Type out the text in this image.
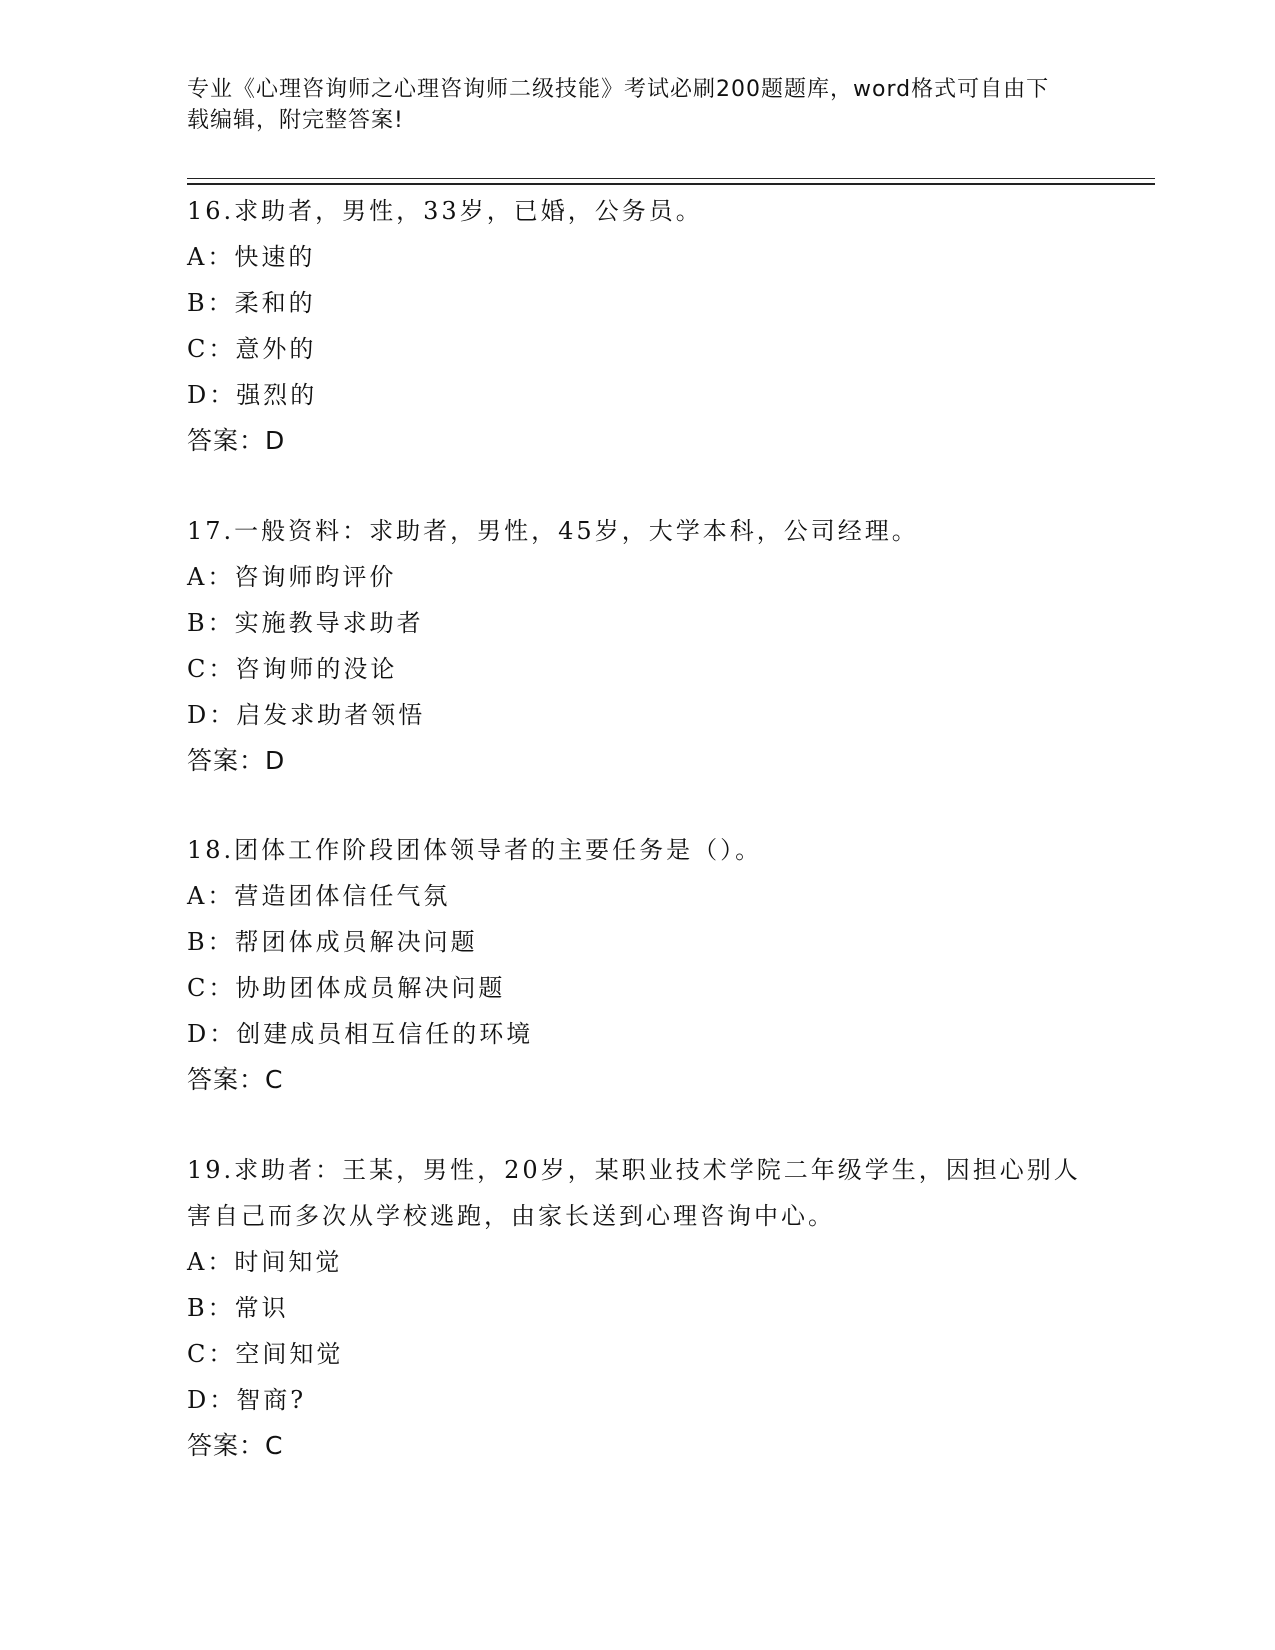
专业《心理咨询师之心理咨询师二级技能》考试必刷200题题库，word格式可自由下载编辑，附完整答案!
16.求助者，男性，33岁，已婚，公务员。
A：快速的
B：柔和的
C：意外的
D：强烈的
答案：D
17.一般资料：求助者，男性，45岁，大学本科，公司经理。
A：咨询师昀评价
B：实施教导求助者
C：咨询师的没论
D：启发求助者领悟
答案：D
18.团体工作阶段团体领导者的主要任务是（）。
A：营造团体信任气氛
B：帮团体成员解决问题
C：协助团体成员解决问题
D：创建成员相互信任的环境
答案：C
19.求助者：王某，男性，20岁，某职业技术学院二年级学生，因担心别人害自己而多次从学校逃跑，由家长送到心理咨询中心。
A：时间知觉
B：常识
C：空间知觉
D：智商?
答案：C
